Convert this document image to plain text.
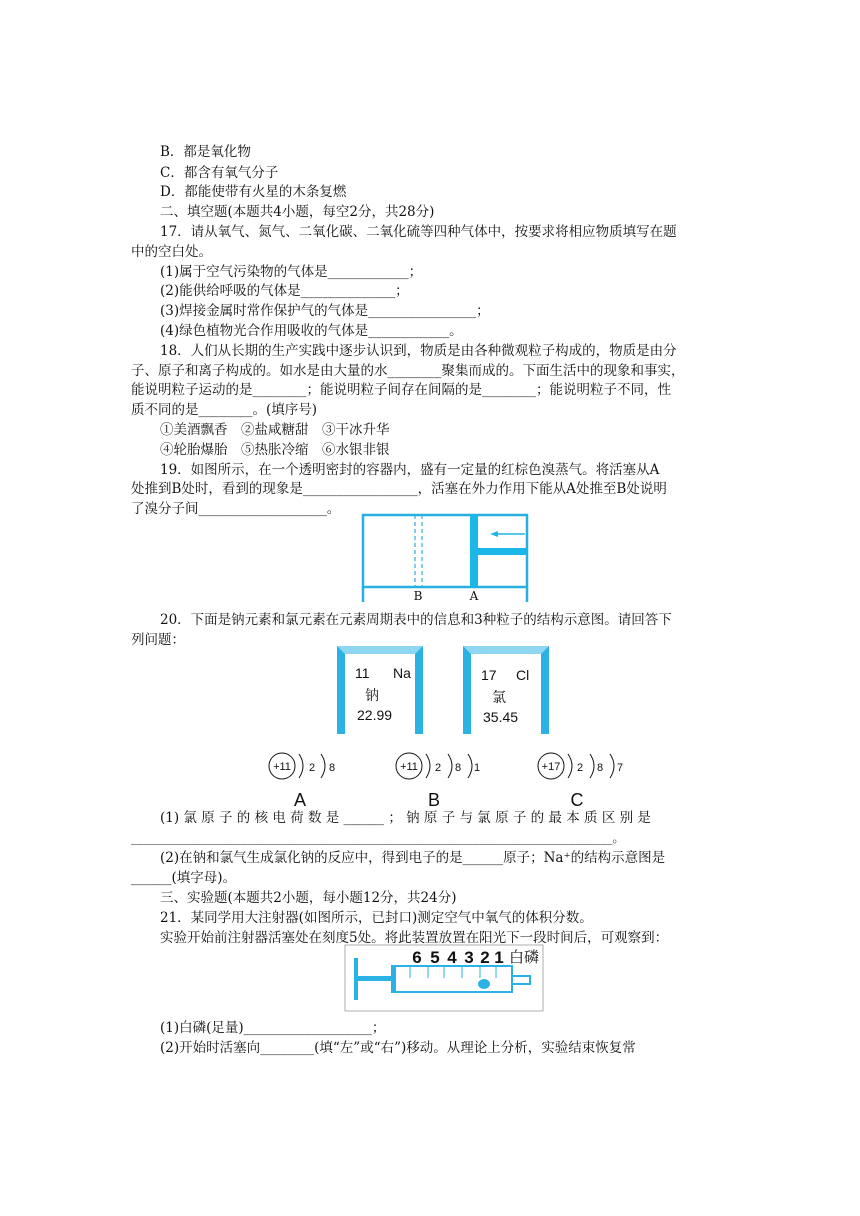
B．都是氧化物
C．都含有氧气分子
D．都能使带有火星的木条复燃
二、填空题(本题共4小题，每空2分，共28分)
17．请从氧气、氮气、二氧化碳、二氧化硫等四种气体中，按要求将相应物质填写在题
中的空白处。
(1)属于空气污染物的气体是____________；
(2)能供给呼吸的气体是______________；
(3)焊接金属时常作保护气的气体是________________；
(4)绿色植物光合作用吸收的气体是____________。
18．人们从长期的生产实践中逐步认识到，物质是由各种微观粒子构成的，物质是由分
子、原子和离子构成的。如水是由大量的水________聚集而成的。下面生活中的现象和事实，
能说明粒子运动的是________；能说明粒子间存在间隔的是________；能说明粒子不同，性
质不同的是________。(填序号)
①美酒飘香　②盐咸糖甜　③干冰升华
④轮胎爆胎　⑤热胀冷缩　⑥水银非银
19．如图所示，在一个透明密封的容器内，盛有一定量的红棕色溴蒸气。将活塞从A
处推到B处时，看到的现象是_________________，活塞在外力作用下能从A处推至B处说明
了溴分子间___________________。
B	A
20．下面是钠元素和氯元素在元素周期表中的信息和3种粒子的结构示意图。请回答下
列问题：
11 Na
钠
22.99
17 Cl
氯
35.45
+11 2 8
A
+11 2 8 1
B
+17 2 8 7
C
(1) 氯 原 子 的 核 电 荷 数 是 ______ ； 钠 原 子 与 氯 原 子 的 最 本 质 区 别 是
_______________________________________________________________________________。
(2)在钠和氯气生成氯化钠的反应中，得到电子的是______原子；Na⁺的结构示意图是
______(填字母)。
三、实验题(本题共2小题，每小题12分，共24分)
21．某同学用大注射器(如图所示，已封口)测定空气中氧气的体积分数。
实验开始前注射器活塞处在刻度5处。将此装置放置在阳光下一段时间后，可观察到：
6 5 4 3 2 1 白磷
(1)白磷(足量)___________________；
(2)开始时活塞向________(填“左”或“右”)移动。从理论上分析，实验结束恢复常
